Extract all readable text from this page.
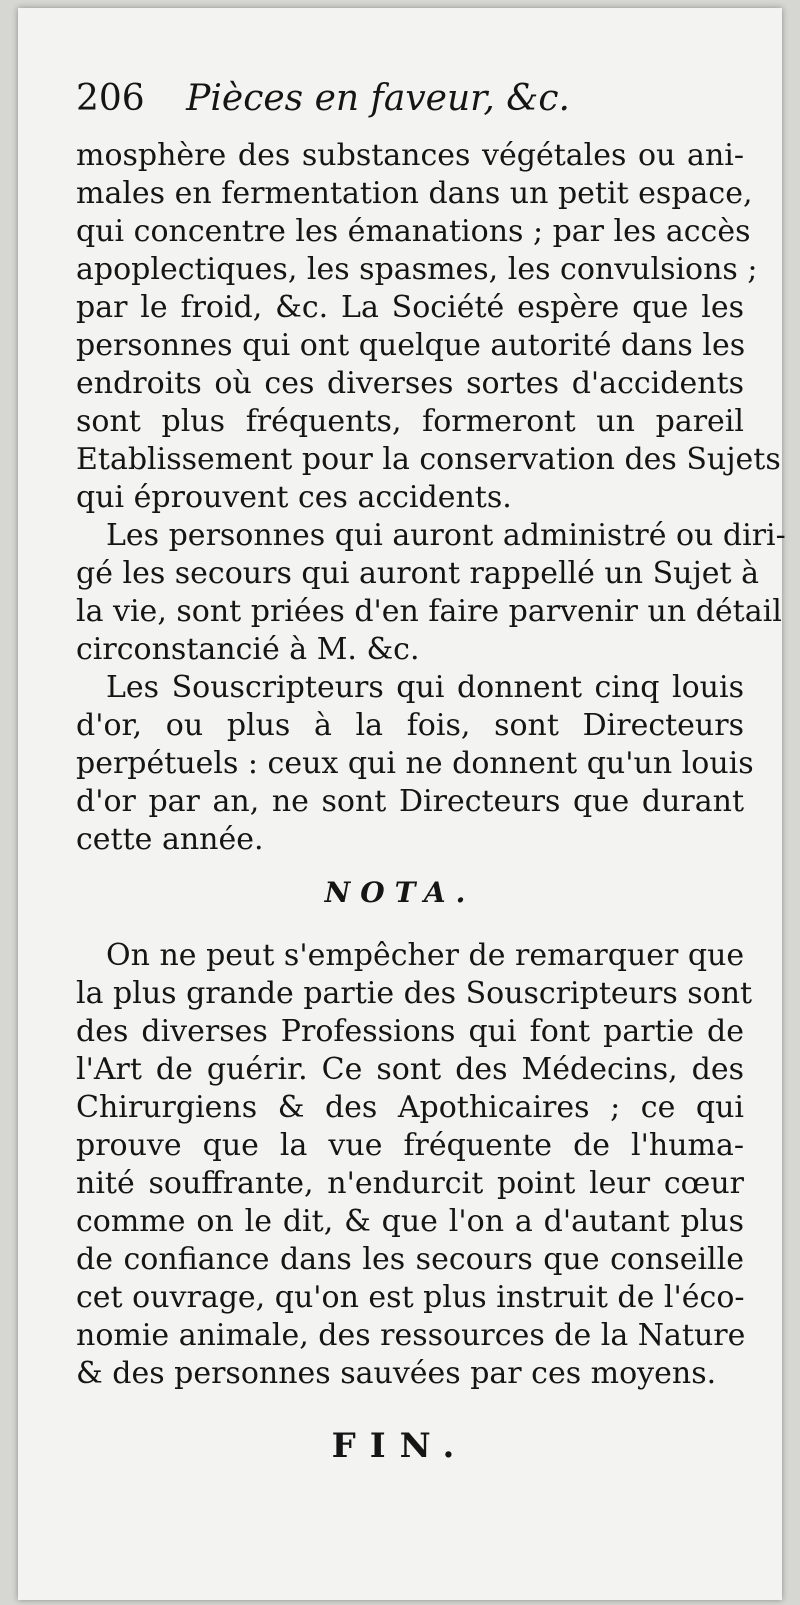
206 Pièces en faveur, &c.
mosphère des substances végétales ou ani-
males en fermentation dans un petit espace,
qui concentre les émanations ; par les accès
apoplectiques, les spasmes, les convulsions ;
par le froid, &c. La Société espère que les
personnes qui ont quelque autorité dans les
endroits où ces diverses sortes d'accidents
sont plus fréquents, formeront un pareil
Etablissement pour la conservation des Sujets
qui éprouvent ces accidents.
Les personnes qui auront administré ou diri-
gé les secours qui auront rappellé un Sujet à
la vie, sont priées d'en faire parvenir un détail
circonstancié à M. &c.
Les Souscripteurs qui donnent cinq louis
d'or, ou plus à la fois, sont Directeurs
perpétuels : ceux qui ne donnent qu'un louis
d'or par an, ne sont Directeurs que durant
cette année.
NOTA.
On ne peut s'empêcher de remarquer que
la plus grande partie des Souscripteurs sont
des diverses Professions qui font partie de
l'Art de guérir. Ce sont des Médecins, des
Chirurgiens & des Apothicaires ; ce qui
prouve que la vue fréquente de l'huma-
nité souffrante, n'endurcit point leur cœur
comme on le dit, & que l'on a d'autant plus
de confiance dans les secours que conseille
cet ouvrage, qu'on est plus instruit de l'éco-
nomie animale, des ressources de la Nature
& des personnes sauvées par ces moyens.
FIN.
